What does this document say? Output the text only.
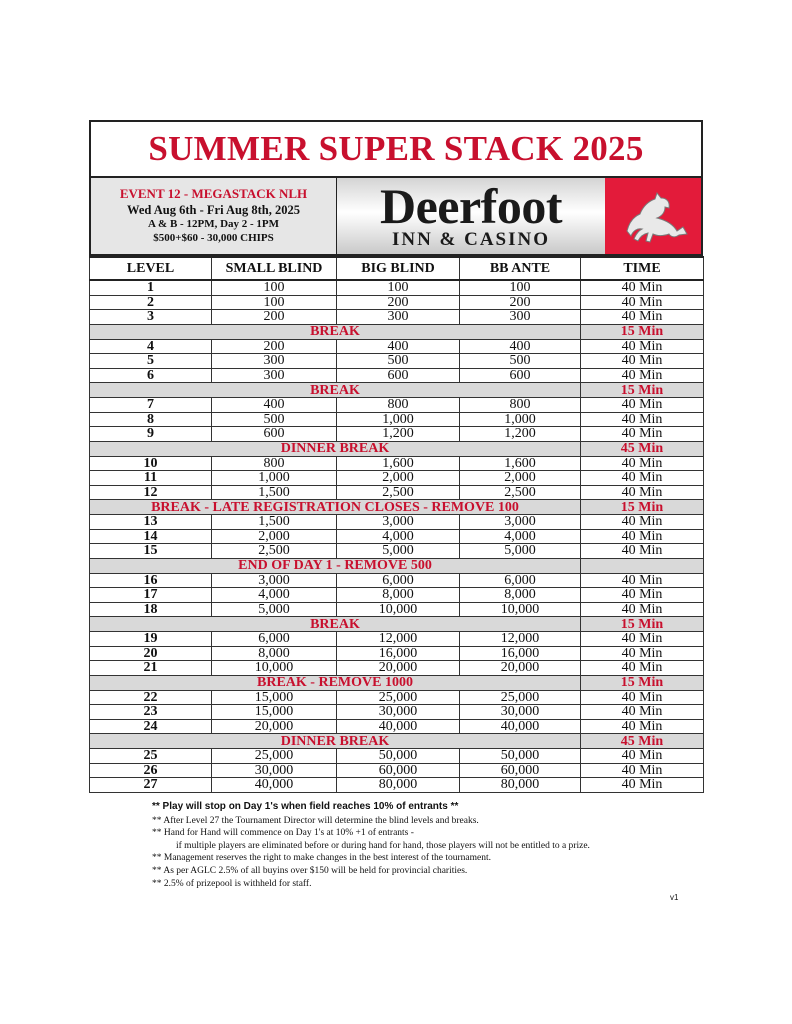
SUMMER SUPER STACK 2025
EVENT 12 - MEGASTACK NLH
Wed Aug 6th - Fri Aug 8th, 2025
A & B - 12PM, Day 2 - 1PM
$500+$60 - 30,000 CHIPS
Deerfoot
INN & CASINO
LEVEL	SMALL BLIND	BIG BLIND	BB ANTE	TIME
1	100	100	100	40 Min
2	100	200	200	40 Min
3	200	300	300	40 Min
BREAK				15 Min
4	200	400	400	40 Min
5	300	500	500	40 Min
6	300	600	600	40 Min
BREAK				15 Min
7	400	800	800	40 Min
8	500	1,000	1,000	40 Min
9	600	1,200	1,200	40 Min
DINNER BREAK				45 Min
10	800	1,600	1,600	40 Min
11	1,000	2,000	2,000	40 Min
12	1,500	2,500	2,500	40 Min
BREAK - LATE REGISTRATION CLOSES - REMOVE 100				15 Min
13	1,500	3,000	3,000	40 Min
14	2,000	4,000	4,000	40 Min
15	2,500	5,000	5,000	40 Min
END OF DAY 1 - REMOVE 500				
16	3,000	6,000	6,000	40 Min
17	4,000	8,000	8,000	40 Min
18	5,000	10,000	10,000	40 Min
BREAK				15 Min
19	6,000	12,000	12,000	40 Min
20	8,000	16,000	16,000	40 Min
21	10,000	20,000	20,000	40 Min
BREAK - REMOVE 1000				15 Min
22	15,000	25,000	25,000	40 Min
23	15,000	30,000	30,000	40 Min
24	20,000	40,000	40,000	40 Min
DINNER BREAK				45 Min
25	25,000	50,000	50,000	40 Min
26	30,000	60,000	60,000	40 Min
27	40,000	80,000	80,000	40 Min
** Play will stop on Day 1's when field reaches 10% of entrants **
** After Level 27 the Tournament Director will determine the blind levels and breaks.
** Hand for Hand will commence on Day 1's at 10% +1 of entrants -
if multiple players are eliminated before or during hand for hand, those players will not be entitled to a prize.
** Management reserves the right to make changes in the best interest of the tournament.
** As per AGLC 2.5% of all buyins over $150 will be held for provincial charities.
** 2.5% of prizepool is withheld for staff.
v1
